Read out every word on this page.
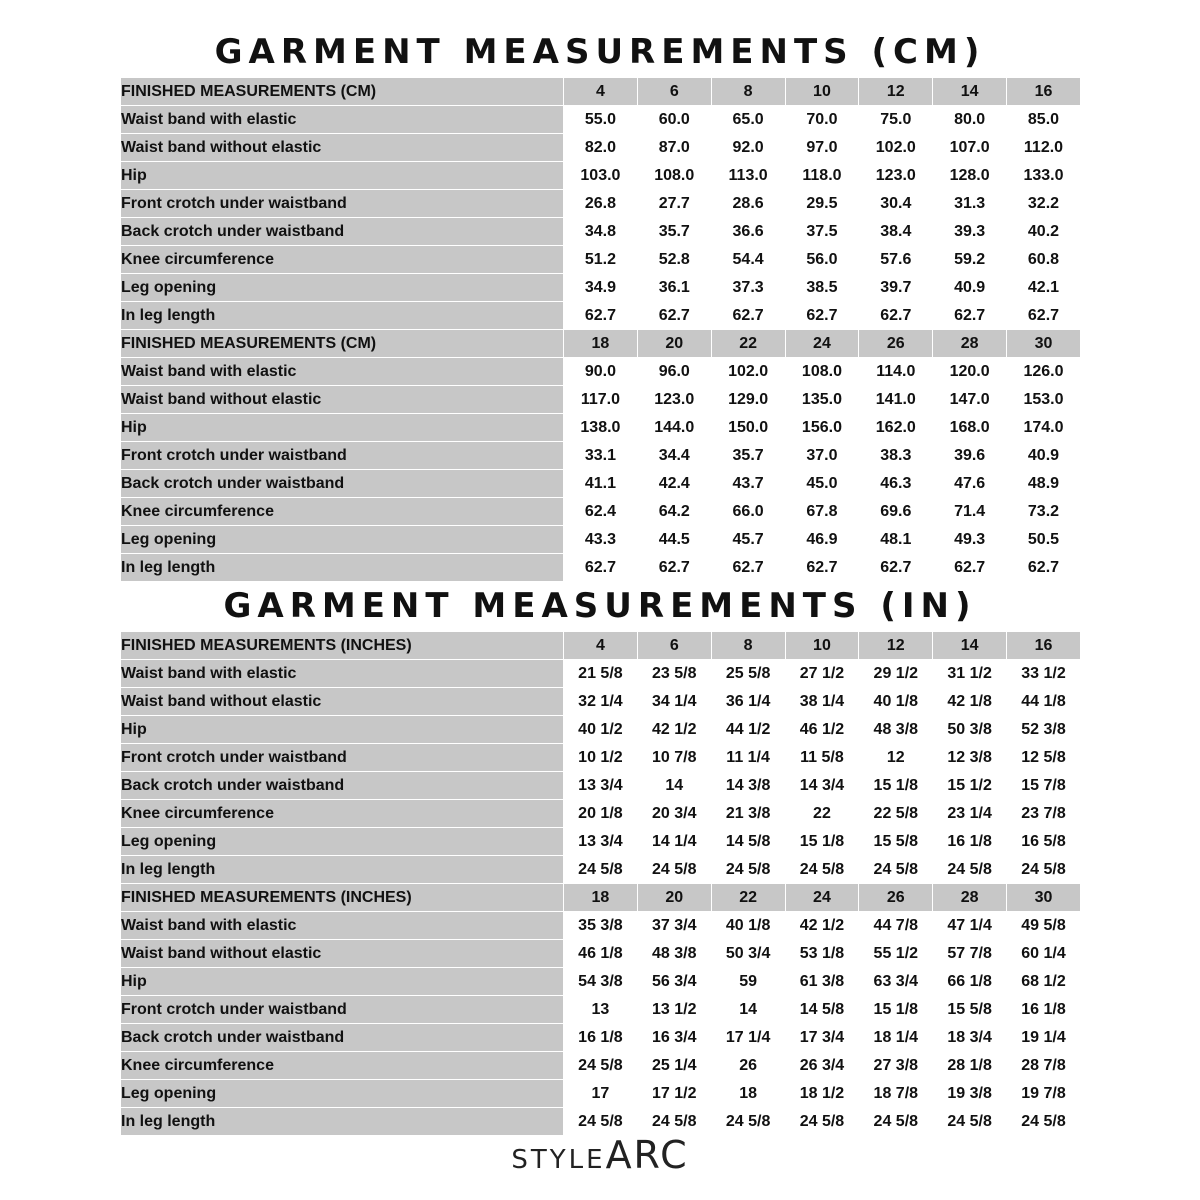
GARMENT MEASUREMENTS (CM)
FINISHED MEASUREMENTS (CM)	4	6	8	10	12	14	16
Waist band with elastic	55.0	60.0	65.0	70.0	75.0	80.0	85.0
Waist band without elastic	82.0	87.0	92.0	97.0	102.0	107.0	112.0
Hip	103.0	108.0	113.0	118.0	123.0	128.0	133.0
Front crotch under waistband	26.8	27.7	28.6	29.5	30.4	31.3	32.2
Back crotch under waistband	34.8	35.7	36.6	37.5	38.4	39.3	40.2
Knee circumference	51.2	52.8	54.4	56.0	57.6	59.2	60.8
Leg opening	34.9	36.1	37.3	38.5	39.7	40.9	42.1
In leg length	62.7	62.7	62.7	62.7	62.7	62.7	62.7
FINISHED MEASUREMENTS (CM)	18	20	22	24	26	28	30
Waist band with elastic	90.0	96.0	102.0	108.0	114.0	120.0	126.0
Waist band without elastic	117.0	123.0	129.0	135.0	141.0	147.0	153.0
Hip	138.0	144.0	150.0	156.0	162.0	168.0	174.0
Front crotch under waistband	33.1	34.4	35.7	37.0	38.3	39.6	40.9
Back crotch under waistband	41.1	42.4	43.7	45.0	46.3	47.6	48.9
Knee circumference	62.4	64.2	66.0	67.8	69.6	71.4	73.2
Leg opening	43.3	44.5	45.7	46.9	48.1	49.3	50.5
In leg length	62.7	62.7	62.7	62.7	62.7	62.7	62.7
GARMENT MEASUREMENTS (IN)
FINISHED MEASUREMENTS (INCHES)	4	6	8	10	12	14	16
Waist band with elastic	21 5/8	23 5/8	25 5/8	27 1/2	29 1/2	31 1/2	33 1/2
Waist band without elastic	32 1/4	34 1/4	36 1/4	38 1/4	40 1/8	42 1/8	44 1/8
Hip	40 1/2	42 1/2	44 1/2	46 1/2	48 3/8	50 3/8	52 3/8
Front crotch under waistband	10 1/2	10 7/8	11 1/4	11 5/8	12	12 3/8	12 5/8
Back crotch under waistband	13 3/4	14	14 3/8	14 3/4	15 1/8	15 1/2	15 7/8
Knee circumference	20 1/8	20 3/4	21 3/8	22	22 5/8	23 1/4	23 7/8
Leg opening	13 3/4	14 1/4	14 5/8	15 1/8	15 5/8	16 1/8	16 5/8
In leg length	24 5/8	24 5/8	24 5/8	24 5/8	24 5/8	24 5/8	24 5/8
FINISHED MEASUREMENTS (INCHES)	18	20	22	24	26	28	30
Waist band with elastic	35 3/8	37 3/4	40 1/8	42 1/2	44 7/8	47 1/4	49 5/8
Waist band without elastic	46 1/8	48 3/8	50 3/4	53 1/8	55 1/2	57 7/8	60 1/4
Hip	54 3/8	56 3/4	59	61 3/8	63 3/4	66 1/8	68 1/2
Front crotch under waistband	13	13 1/2	14	14 5/8	15 1/8	15 5/8	16 1/8
Back crotch under waistband	16 1/8	16 3/4	17 1/4	17 3/4	18 1/4	18 3/4	19 1/4
Knee circumference	24 5/8	25 1/4	26	26 3/4	27 3/8	28 1/8	28 7/8
Leg opening	17	17 1/2	18	18 1/2	18 7/8	19 3/8	19 7/8
In leg length	24 5/8	24 5/8	24 5/8	24 5/8	24 5/8	24 5/8	24 5/8
STYLEARC
